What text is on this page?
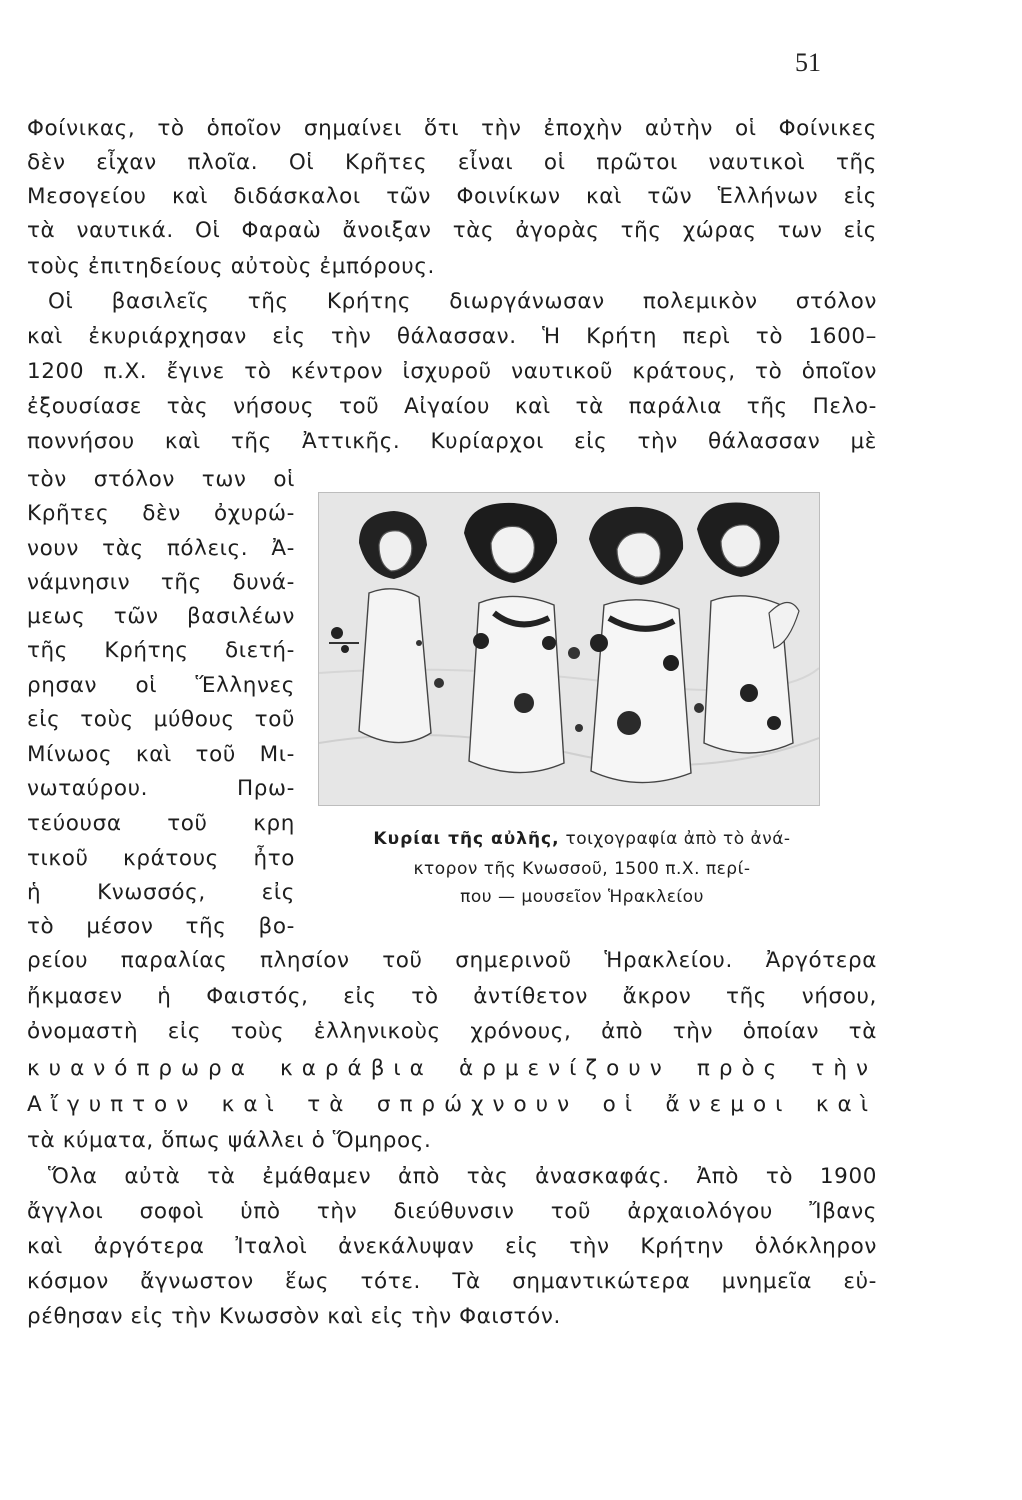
51
Φοίνικας, τὸ ὁποῖον σημαίνει ὅτι τὴν ἐποχὴν αὐτὴν οἱ Φοίνικες
δὲν εἶχαν πλοῖα. Οἱ Κρῆτες εἶναι οἱ πρῶτοι ναυτικοὶ τῆς
Μεσογείου καὶ διδάσκαλοι τῶν Φοινίκων καὶ τῶν Ἑλλήνων εἰς
τὰ ναυτικά. Οἱ Φαραὼ ἄνοιξαν τὰς ἀγορὰς τῆς χώρας των εἰς
τοὺς ἐπιτηδείους αὐτοὺς ἐμπόρους.
Οἱ βασιλεῖς τῆς Κρήτης διωργάνωσαν πολεμικὸν στόλον
καὶ ἐκυριάρχησαν εἰς τὴν θάλασσαν. Ἡ Κρήτη περὶ τὸ 1600–
1200 π.Χ. ἔγινε τὸ κέντρον ἰσχυροῦ ναυτικοῦ κράτους, τὸ ὁποῖον
ἐξουσίασε τὰς νήσους τοῦ Αἰγαίου καὶ τὰ παράλια τῆς Πελο-
ποννήσου καὶ τῆς Ἀττικῆς. Κυρίαρχοι εἰς τὴν θάλασσαν μὲ
τὸν στόλον των οἱ
Κρῆτες δὲν ὀχυρώ-
νουν τὰς πόλεις. Ἀ-
νάμνησιν τῆς δυνά-
μεως τῶν βασιλέων
τῆς Κρήτης διετή-
ρησαν οἱ Ἕλληνες
εἰς τοὺς μύθους τοῦ
Μίνωος καὶ τοῦ Μι-
νωταύρου. Πρω-
τεύουσα τοῦ κρη
τικοῦ κράτους ἦτο
ἡ Κνωσσός, εἰς
τὸ μέσον τῆς βο-
ρείου παραλίας πλησίον τοῦ σημερινοῦ Ἡρακλείου. Ἀργότερα
ἤκμασεν ἡ Φαιστός, εἰς τὸ ἀντίθετον ἄκρον τῆς νήσου,
ὀνομαστὴ εἰς τοὺς ἑλληνικοὺς χρόνους, ἀπὸ τὴν ὁποίαν τὰ
κυανόπρωρα καράβια ἁρμενίζουν πρὸς τὴν
Αἴγυπτον καὶ τὰ σπρώχνουν οἱ ἄνεμοι καὶ
τὰ κύματα, ὅπως ψάλλει ὁ Ὅμηρος.
Κυρίαι τῆς αὐλῆς, τοιχογραφία ἀπὸ τὸ ἀνά-
κτορον τῆς Κνωσσοῦ, 1500 π.Χ. περί-
που — μουσεῖον Ἡρακλείου
Ὅλα αὐτὰ τὰ ἐμάθαμεν ἀπὸ τὰς ἀνασκαφάς. Ἀπὸ τὸ 1900
ἄγγλοι σοφοὶ ὑπὸ τὴν διεύθυνσιν τοῦ ἀρχαιολόγου Ἴβανς
καὶ ἀργότερα Ἰταλοὶ ἀνεκάλυψαν εἰς τὴν Κρήτην ὁλόκληρον
κόσμον ἄγνωστον ἕως τότε. Τὰ σημαντικώτερα μνημεῖα εὑ-
ρέθησαν εἰς τὴν Κνωσσὸν καὶ εἰς τὴν Φαιστόν.
